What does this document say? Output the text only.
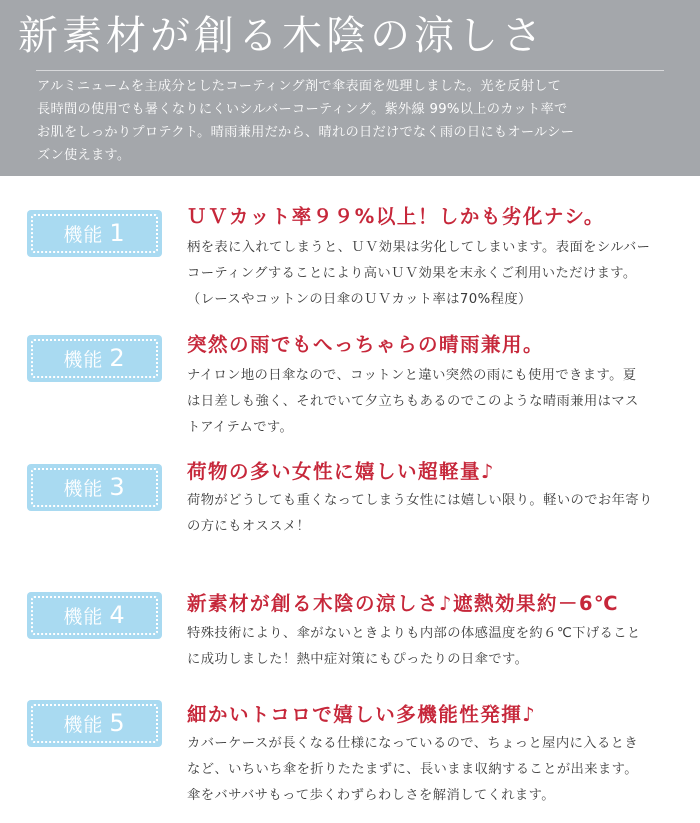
新素材が創る木陰の涼しさ
アルミニュームを主成分としたコーティング剤で傘表面を処理しました。光を反射して
長時間の使用でも暑くなりにくいシルバーコーティング。紫外線 99%以上のカット率で
お肌をしっかりプロテクト。晴雨兼用だから、晴れの日だけでなく雨の日にもオールシー
ズン使えます。
機能 1
ＵＶカット率９９%以上！しかも劣化ナシ。

柄を表に入れてしまうと、ＵＶ効果は劣化してしまいます。表面をシルバー

コーティングすることにより高いＵＶ効果を末永くご利用いただけます。

（レースやコットンの日傘のＵＶカット率は70%程度）

機能 2	突然の雨でもへっちゃらの晴雨兼用。

ナイロン地の日傘なので、コットンと違い突然の雨にも使用できます。夏

は日差しも強く、それでいて夕立ちもあるのでこのような晴雨兼用はマス

トアイテムです。

機能 3
荷物の多い女性に嬉しい超軽量♪

荷物がどうしても重くなってしまう女性には嬉しい限り。軽いのでお年寄り

の方にもオススメ！

機能 4	新素材が創る木陰の涼しさ♪遮熱効果約－6℃

特殊技術により、傘がないときよりも内部の体感温度を約６℃下げること

に成功しました！熱中症対策にもぴったりの日傘です。

機能 5	細かいトコロで嬉しい多機能性発揮♪

カバーケースが長くなる仕様になっているので、ちょっと屋内に入るとき

など、いちいち傘を折りたたまずに、長いまま収納することが出来ます。

傘をバサバサもって歩くわずらわしさを解消してくれます。
